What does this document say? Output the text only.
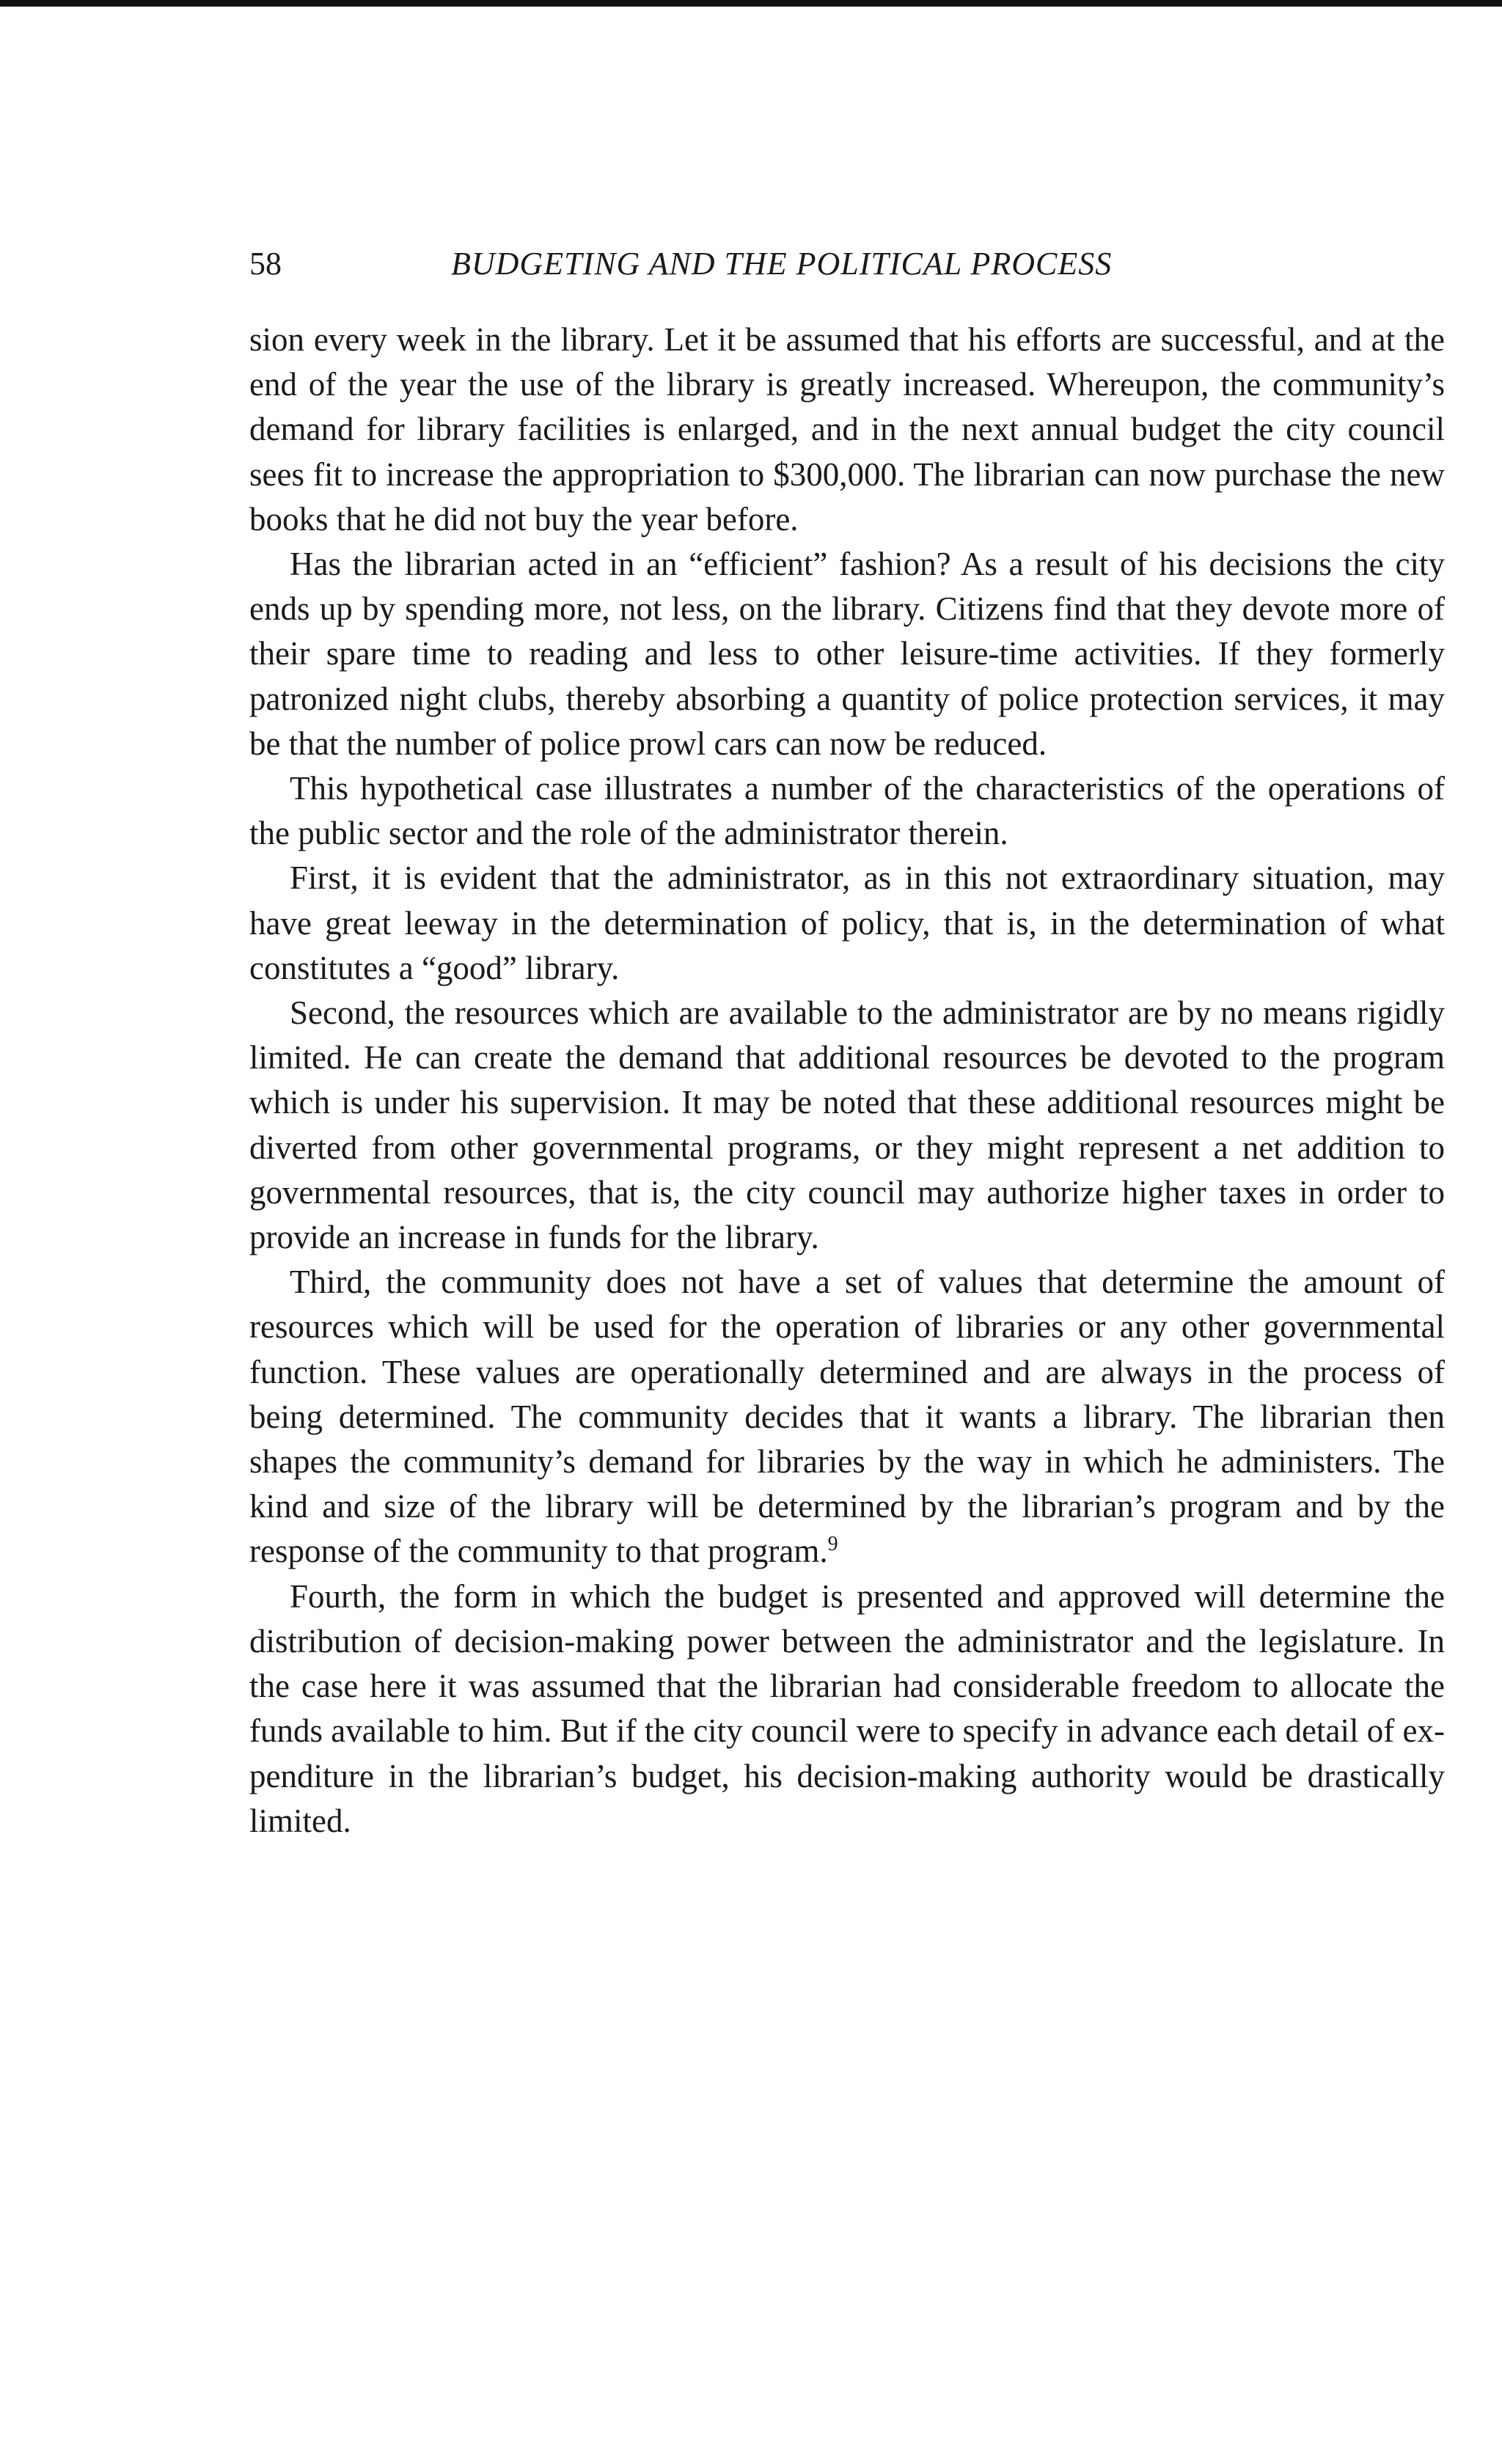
58	BUDGETING AND THE POLITICAL PROCESS

sion every week in the library. Let it be assumed that his efforts are successful, and at the end of the year the use of the library is greatly increased. Whereupon, the community’s demand for library facilities is enlarged, and in the next annual budget the city council sees fit to increase the appropriation to $300,000. The librarian can now purchase the new books that he did not buy the year before.

Has the librarian acted in an “efficient” fashion? As a result of his decisions the city ends up by spending more, not less, on the library. Citizens find that they devote more of their spare time to reading and less to other leisure-time activities. If they formerly patronized night clubs, thereby absorbing a quantity of police protection services, it may be that the number of police prowl cars can now be reduced.

This hypothetical case illustrates a number of the characteristics of the operations of the public sector and the role of the administrator therein.

First, it is evident that the administrator, as in this not extraordinary situation, may have great leeway in the determination of policy, that is, in the determination of what constitutes a “good” library.

Second, the resources which are available to the administrator are by no means rigidly limited. He can create the demand that additional resources be devoted to the program which is under his supervision. It may be noted that these additional resources might be diverted from other governmental programs, or they might represent a net addition to governmental resources, that is, the city council may authorize higher taxes in order to provide an increase in funds for the library.

Third, the community does not have a set of values that determine the amount of resources which will be used for the operation of libraries or any other governmental function. These values are operationally determined and are always in the process of being determined. The community decides that it wants a library. The librarian then shapes the community’s demand for libraries by the way in which he administers. The kind and size of the library will be determined by the librarian’s program and by the response of the community to that program.$^9$

Fourth, the form in which the budget is presented and approved will determine the distribution of decision-making power between the administrator and the legislature. In the case here it was assumed that the librarian had considerable freedom to allocate the funds available to him. But if the city council were to specify in advance each detail of expenditure in the librarian’s budget, his decision-making authority would be drastically limited.
